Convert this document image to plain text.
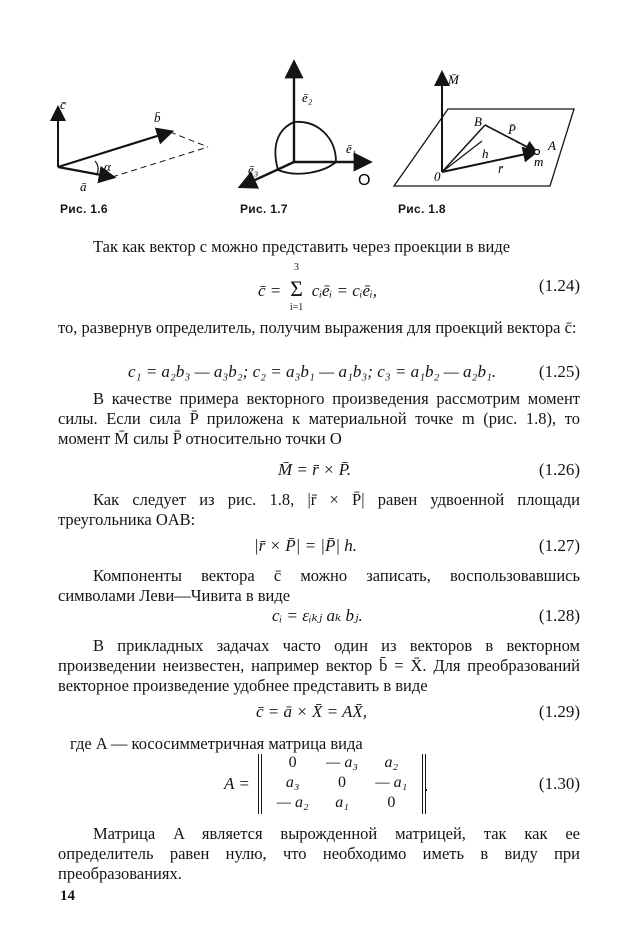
c̄
b̄
ā
α
Рис. 1.6
ē₂
ē₁
ē₃
O
Рис. 1.7
M̄
B
P̄
A
h
m
0
r̄
Рис. 1.8
Так как вектор c можно представить через проекции в виде
c̄ = Σ
3
i=1
cᵢēᵢ = cᵢēᵢ,	(1.24)
то, развернув определитель, получим выражения для проекций вектора c̄:
c₁ = a₂b₃ — a₃b₂; c₂ = a₃b₁ — a₁b₃; c₃ = a₁b₂ — a₂b₁.	(1.25)
В качестве примера векторного произведения рассмотрим момент силы. Если сила P̄ приложена к материальной точке m (рис. 1.8), то момент M̄ силы P̄ относительно точки O
M̄ = r̄ × P̄.	(1.26)
Как следует из рис. 1.8, |r̄ × P̄| равен удвоенной площади треугольника OAB:
|r̄ × P̄| = |P̄| h.	(1.27)
Компоненты вектора c̄ можно записать, воспользовавшись символами Леви—Чивита в виде
cᵢ = εᵢₖⱼ aₖ bⱼ.	(1.28)
В прикладных задачах часто один из векторов в векторном произведении неизвестен, например вектор b̄ = X̄. Для преобразований векторное произведение удобнее представить в виде
c̄ = ā × X̄ = AX̄,	(1.29)
где A — кососимметричная матрица вида
A =
0	— a₃	a₂
a₃	0	— a₁
— a₂	a₁	0
.	(1.30)
Матрица A является вырожденной матрицей, так как ее определитель равен нулю, что необходимо иметь в виду при преобразованиях.
14
